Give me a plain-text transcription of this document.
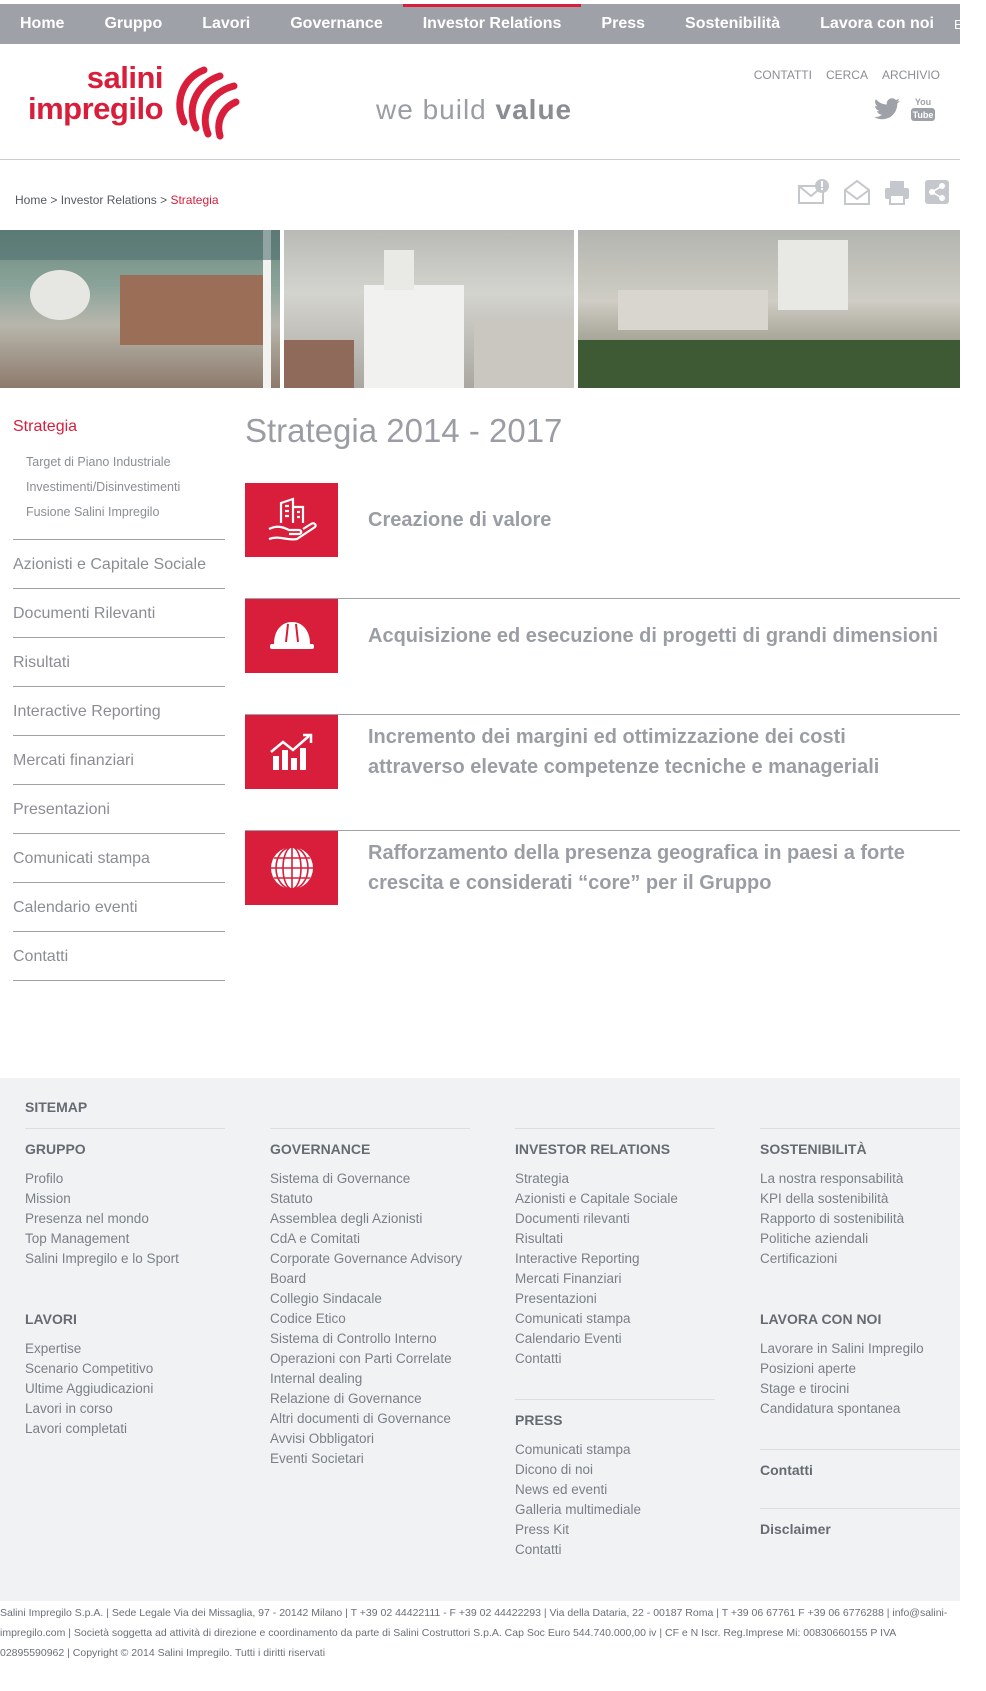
Home	Gruppo	Lavori	Governance	Investor Relations	Press	Sostenibilità	Lavora con noi	EN
salini
impregilo	we build value
CONTATTI CERCA ARCHIVIO
You
Tube
Home > Investor Relations > Strategia
Strategia
Target di Piano Industriale
Investimenti/Disinvestimenti
Fusione Salini Impregilo
Azionisti e Capitale Sociale
Documenti Rilevanti
Risultati
Interactive Reporting
Mercati finanziari
Presentazioni
Comunicati stampa
Calendario eventi
Contatti
Strategia 2014 - 2017
Creazione di valore
Acquisizione ed esecuzione di progetti di grandi dimensioni
Incremento dei margini ed ottimizzazione dei costi attraverso elevate competenze tecniche e manageriali
Rafforzamento della presenza geografica in paesi a forte crescita e considerati “core” per il Gruppo
SITEMAP
GRUPPO
Profilo
Mission
Presenza nel mondo
Top Management
Salini Impregilo e lo Sport
LAVORI
Expertise
Scenario Competitivo
Ultime Aggiudicazioni
Lavori in corso
Lavori completati
GOVERNANCE
Sistema di Governance
Statuto
Assemblea degli Azionisti
CdA e Comitati
Corporate Governance Advisory Board
Collegio Sindacale
Codice Etico
Sistema di Controllo Interno
Operazioni con Parti Correlate
Internal dealing
Relazione di Governance
Altri documenti di Governance
Avvisi Obbligatori
Eventi Societari
INVESTOR RELATIONS
Strategia
Azionisti e Capitale Sociale
Documenti rilevanti
Risultati
Interactive Reporting
Mercati Finanziari
Presentazioni
Comunicati stampa
Calendario Eventi
Contatti
PRESS
Comunicati stampa
Dicono di noi
News ed eventi
Galleria multimediale
Press Kit
Contatti
SOSTENIBILITÀ
La nostra responsabilità
KPI della sostenibilità
Rapporto di sostenibilità
Politiche aziendali
Certificazioni
LAVORA CON NOI
Lavorare in Salini Impregilo
Posizioni aperte
Stage e tirocini
Candidatura spontanea
Contatti
Disclaimer
Salini Impregilo S.p.A. | Sede Legale Via dei Missaglia, 97 - 20142 Milano | T +39 02 44422111 - F +39 02 44422293 | Via della Dataria, 22 - 00187 Roma | T +39 06 67761 F +39 06 6776288 | info@salini-impregilo.com | Società soggetta ad attività di direzione e coordinamento da parte di Salini Costruttori S.p.A. Cap Soc Euro 544.740.000,00 iv | CF e N Iscr. Reg.Imprese Mi: 00830660155 P IVA 02895590962 | Copyright © 2014 Salini Impregilo. Tutti i diritti riservati
